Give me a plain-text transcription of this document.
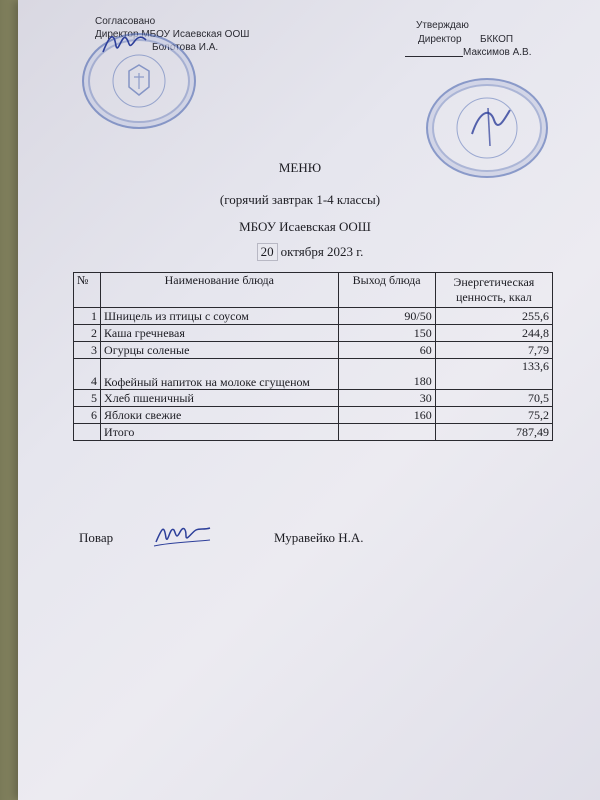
Согласовано
Директор МБОУ Исаевская ООШ
Болотова И.А.
Утверждаю
Директор БККОП
Максимов А.В.
МЕНЮ
(горячий завтрак 1-4 классы)
МБОУ Исаевская ООШ
20 октября 2023 г.
№	Наименование блюда	Выход блюда	Энергетическая ценность, ккал
1	Шницель из птицы с соусом	90/50	255,6
2	Каша гречневая	150	244,8
3	Огурцы соленые	60	7,79
4	Кофейный напиток на молоке сгущеном	180	133,6
5	Хлеб пшеничный	30	70,5
6	Яблоки свежие	160	75,2
	Итого		787,49
Повар	Муравейко Н.А.
